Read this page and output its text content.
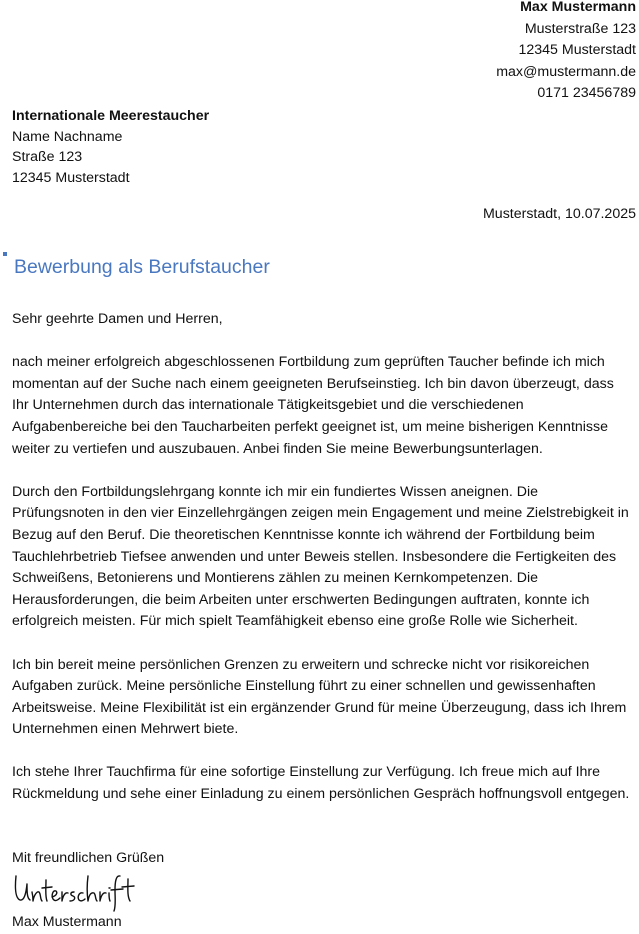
Max Mustermann
Musterstraße 123
12345 Musterstadt
max@mustermann.de
0171 23456789
Internationale Meerestaucher
Name Nachname
Straße 123
12345 Musterstadt
Musterstadt, 10.07.2025
Bewerbung als Berufstaucher

Sehr geehrte Damen und Herren,

nach meiner erfolgreich abgeschlossenen Fortbildung zum geprüften Taucher befinde ich mich momentan auf der Suche nach einem geeigneten Berufseinstieg. Ich bin davon überzeugt, dass Ihr Unternehmen durch das internationale Tätigkeitsgebiet und die verschiedenen Aufgabenbereiche bei den Taucharbeiten perfekt geeignet ist, um meine bisherigen Kenntnisse weiter zu vertiefen und auszubauen. Anbei finden Sie meine Bewerbungsunterlagen.

Durch den Fortbildungslehrgang konnte ich mir ein fundiertes Wissen aneignen. Die Prüfungsnoten in den vier Einzellehrgängen zeigen mein Engagement und meine Zielstrebigkeit in Bezug auf den Beruf. Die theoretischen Kenntnisse konnte ich während der Fortbildung beim Tauchlehrbetrieb Tiefsee anwenden und unter Beweis stellen. Insbesondere die Fertigkeiten des Schweißens, Betonierens und Montierens zählen zu meinen Kernkompetenzen. Die Herausforderungen, die beim Arbeiten unter erschwerten Bedingungen auftraten, konnte ich erfolgreich meisten. Für mich spielt Teamfähigkeit ebenso eine große Rolle wie Sicherheit.

Ich bin bereit meine persönlichen Grenzen zu erweitern und schrecke nicht vor risikoreichen Aufgaben zurück. Meine persönliche Einstellung führt zu einer schnellen und gewissenhaften Arbeitsweise. Meine Flexibilität ist ein ergänzender Grund für meine Überzeugung, dass ich Ihrem Unternehmen einen Mehrwert biete.

Ich stehe Ihrer Tauchfirma für eine sofortige Einstellung zur Verfügung. Ich freue mich auf Ihre Rückmeldung und sehe einer Einladung zu einem persönlichen Gespräch hoffnungsvoll entgegen.

Mit freundlichen Grüßen
Max Mustermann
